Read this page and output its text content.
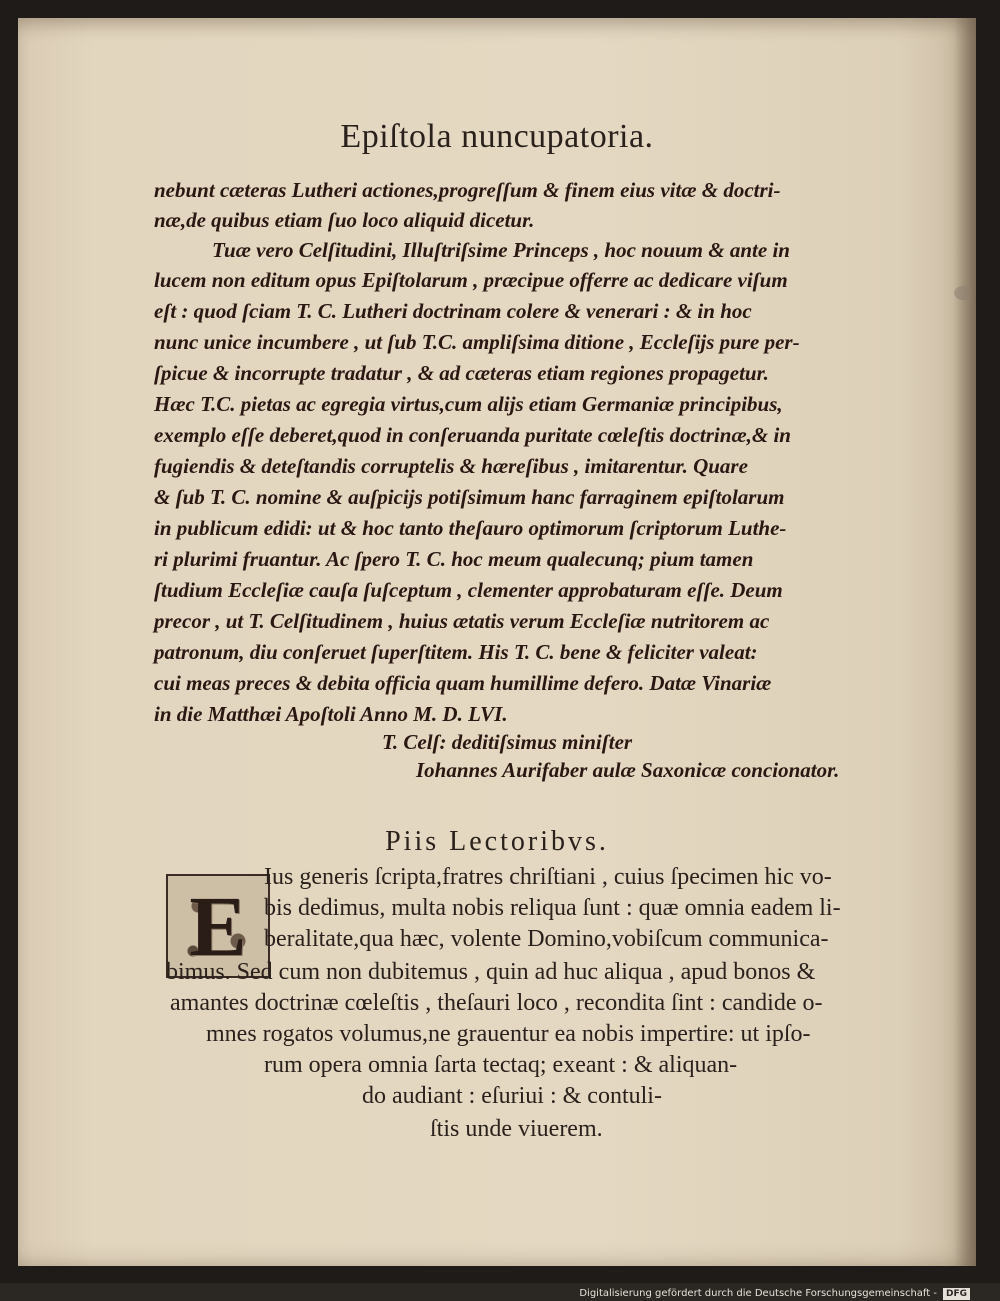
Epiſtola nuncupatoria.
nebunt cæteras Lutheri actiones,progreſſum & finem eius vitæ & doctri-
næ,de quibus etiam ſuo loco aliquid dicetur.
Tuæ vero Celſitudini, Illuſtriſsime Princeps , hoc nouum & ante in
lucem non editum opus Epiſtolarum , præcipue offerre ac dedicare viſum
eſt : quod ſciam T. C. Lutheri doctrinam colere & venerari : & in hoc
nunc unice incumbere , ut ſub T.C. ampliſsima ditione , Eccleſijs pure per-
ſpicue & incorrupte tradatur , & ad cæteras etiam regiones propagetur.
Hæc T.C. pietas ac egregia virtus,cum alijs etiam Germaniæ principibus,
exemplo eſſe deberet,quod in conſeruanda puritate cœleſtis doctrinæ,& in
fugiendis & deteſtandis corruptelis & hæreſibus , imitarentur. Quare
& ſub T. C. nomine & auſpicijs potiſsimum hanc farraginem epiſtolarum
in publicum edidi: ut & hoc tanto theſauro optimorum ſcriptorum Luthe-
ri plurimi fruantur. Ac ſpero T. C. hoc meum qualecunq; pium tamen
ſtudium Eccleſiæ cauſa ſuſceptum , clementer approbaturam eſſe. Deum
precor , ut T. Celſitudinem , huius ætatis verum Eccleſiæ nutritorem ac
patronum, diu conſeruet ſuperſtitem. His T. C. bene & feliciter valeat:
cui meas preces & debita officia quam humillime defero. Datæ Vinariæ
in die Matthæi Apoſtoli Anno M. D. LVI.
T. Celſ: deditiſsimus miniſter
Iohannes Aurifaber aulæ Saxonicæ concionator.
Piis Lectoribvs.
E
Ius generis ſcripta,fratres chriſtiani , cuius ſpecimen hic vo-
bis dedimus, multa nobis reliqua ſunt : quæ omnia eadem li-
beralitate,qua hæc, volente Domino,vobiſcum communica-
bimus. Sed cum non dubitemus , quin ad huc aliqua , apud bonos &
amantes doctrinæ cœleſtis , theſauri loco , recondita ſint : candide o-
mnes rogatos volumus,ne grauentur ea nobis impertire: ut ipſo-
rum opera omnia ſarta tectaq; exeant : & aliquan-
do audiant : eſuriui : & contuli-
ſtis unde viuerem.
Digitalisierung gefördert durch die Deutsche Forschungsgemeinschaft -	DFG
